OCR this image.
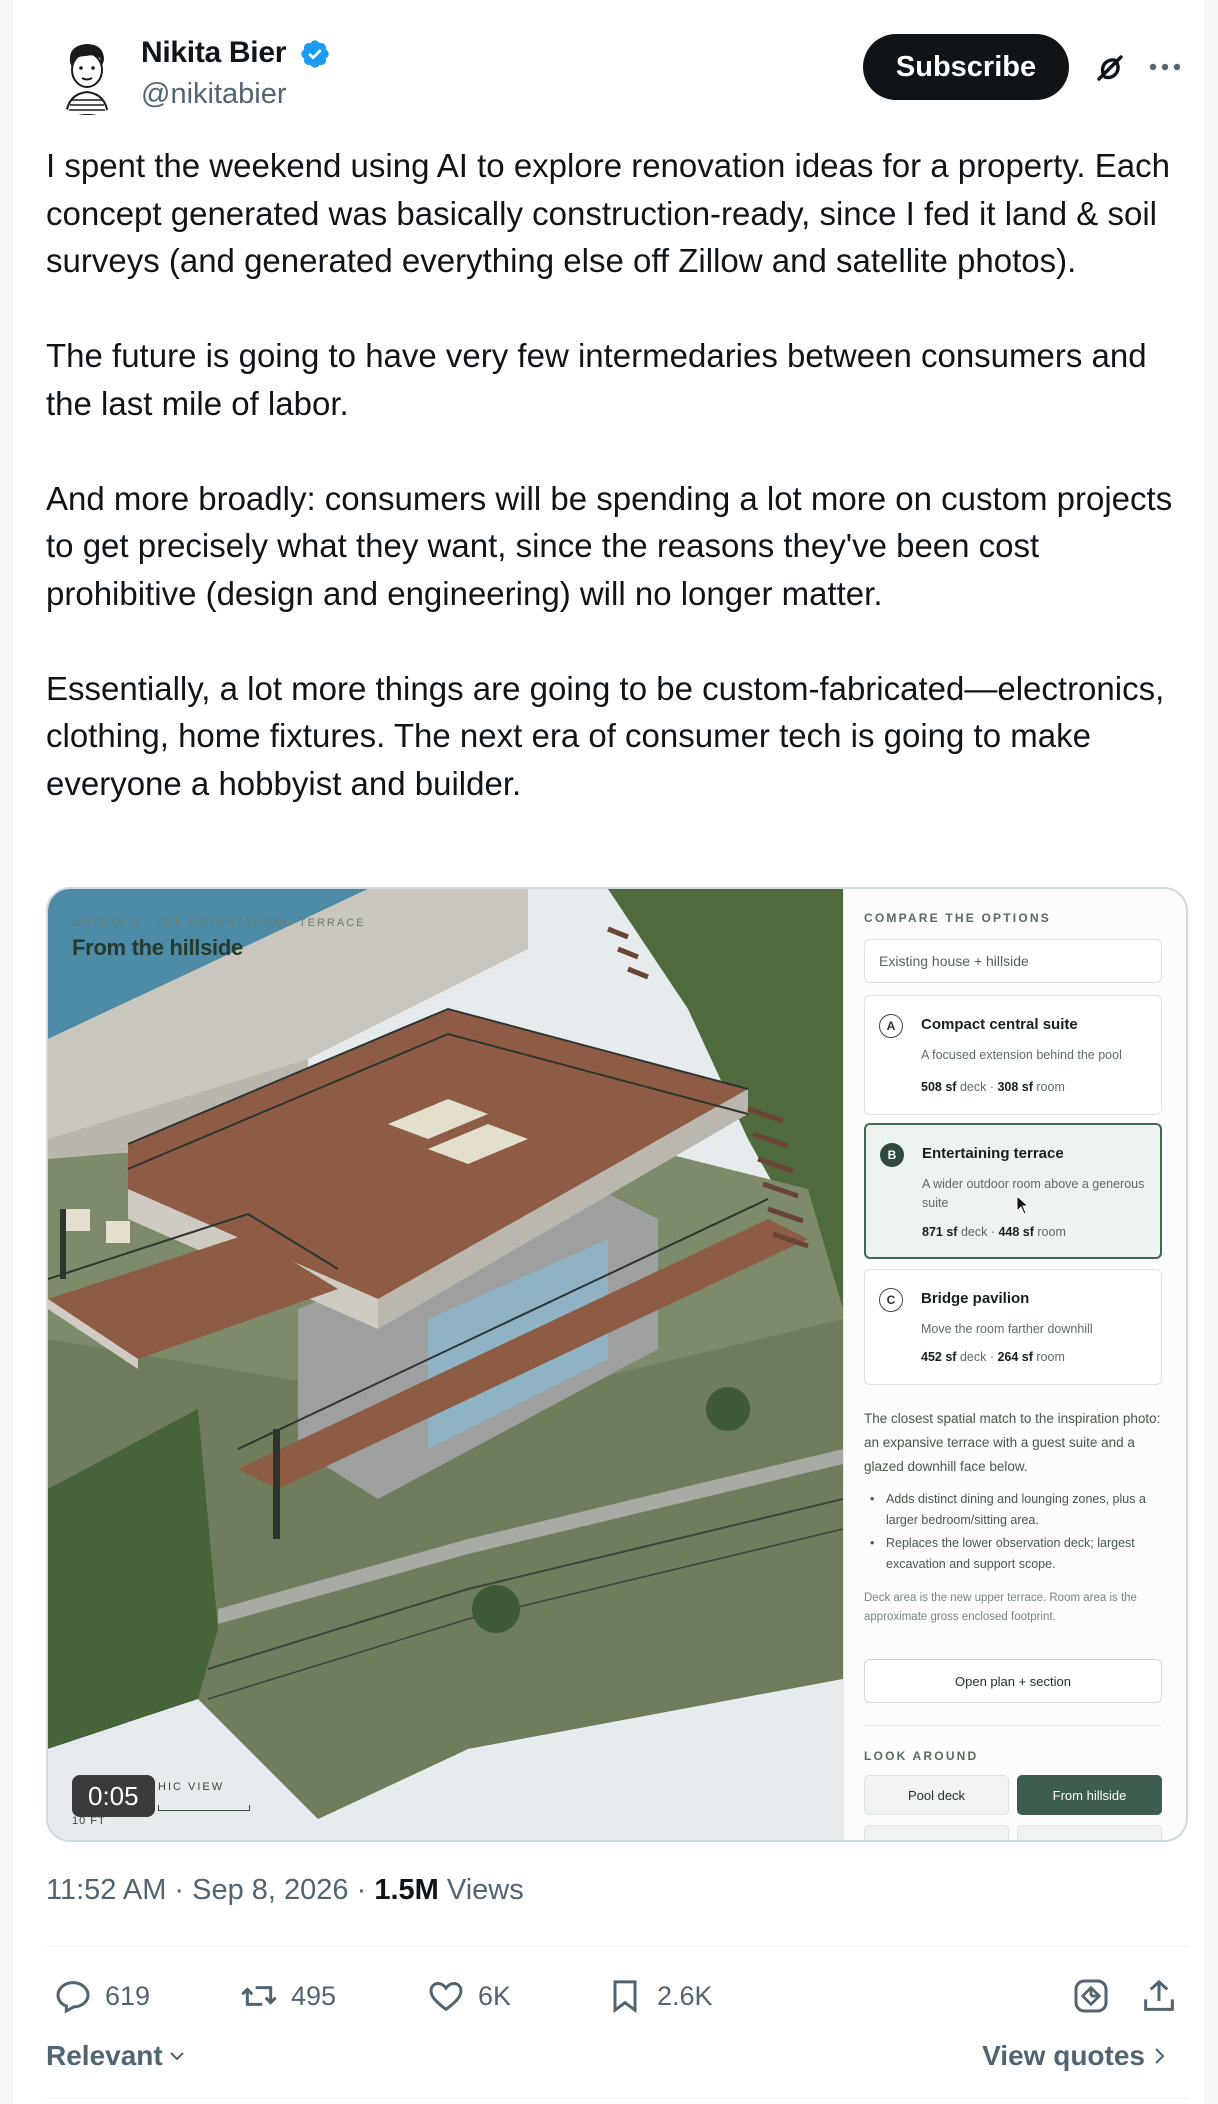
Nikita Bier
@nikitabier
Subscribe

I spent the weekend using AI to explore renovation ideas for a property. Each concept generated was basically construction-ready, since I fed it land & soil surveys (and generated everything else off Zillow and satellite photos).

The future is going to have very few intermedaries between consumers and the last mile of labor.

And more broadly: consumers will be spending a lot more on custom projects to get precisely what they want, since the reasons they've been cost prohibitive (design and engineering) will no longer matter.

Essentially, a lot more things are going to be custom-fabricated—electronics, clothing, home fixtures. The next era of consumer tech is going to make everyone a hobbyist and builder.

OPTION B · THE ENTERTAINING TERRACE
From the hillside
0:05	HIC VIEW
10 FT
COMPARE THE OPTIONS
Existing house + hillside
A	Compact central suite
A focused extension behind the pool
508 sf deck · 308 sf room
B	Entertaining terrace
A wider outdoor room above a generous suite
871 sf deck · 448 sf room
C	Bridge pavilion
Move the room farther downhill
452 sf deck · 264 sf room
The closest spatial match to the inspiration photo: an expansive terrace with a guest suite and a glazed downhill face below.
• Adds distinct dining and lounging zones, plus a larger bedroom/sitting area.
• Replaces the lower observation deck; largest excavation and support scope.
Deck area is the new upper terrace. Room area is the approximate gross enclosed footprint.
Open plan + section
LOOK AROUND
Pool deck	From hillside
11:52 AM · Sep 8, 2026 · 1.5M Views
619	495	6K	2.6K
Relevant	View quotes
